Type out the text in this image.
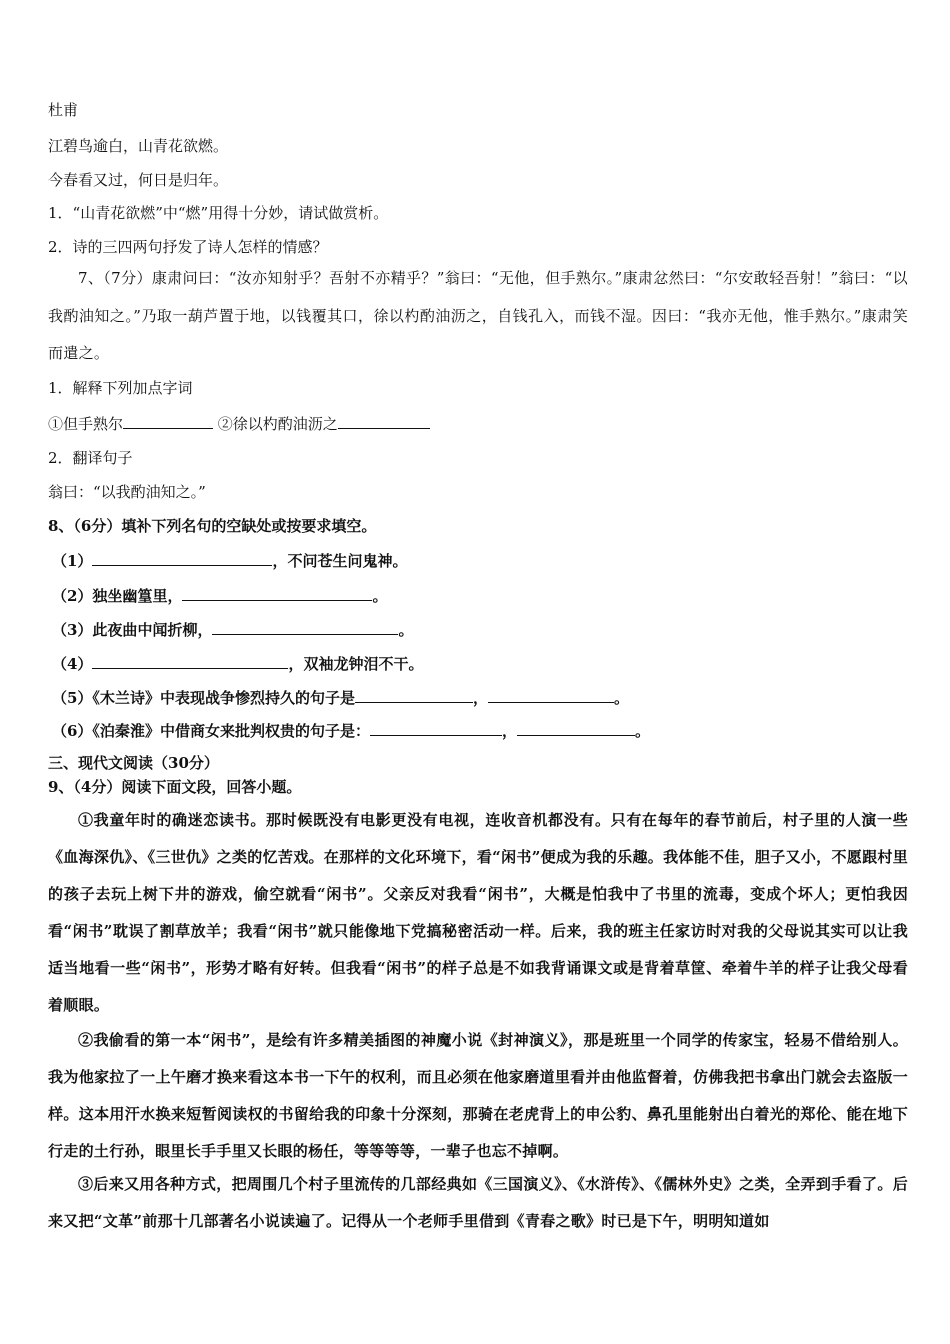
杜甫
江碧鸟逾白，山青花欲燃。
今春看又过，何日是归年。
1．“山青花欲燃”中“燃”用得十分妙，请试做赏析。
2．诗的三四两句抒发了诗人怎样的情感？
7、（7分）康肃问曰：“汝亦知射乎？吾射不亦精乎？”翁曰：“无他，但手熟尔。”康肃忿然曰：“尔安敢轻吾射！”翁曰：“以我酌油知之。”乃取一葫芦置于地，以钱覆其口，徐以杓酌油沥之，自钱孔入，而钱不湿。因曰：“我亦无他，惟手熟尔。”康肃笑而遣之。
1．解释下列加点字词
①但手熟尔	②徐以杓酌油沥之
2．翻译句子
翁曰：“以我酌油知之。”
8、（6分）填补下列名句的空缺处或按要求填空。
（1）	，不问苍生问鬼神。
（2）独坐幽篁里，	。
（3）此夜曲中闻折柳，	。
（4）	，双袖龙钟泪不干。
（5）《木兰诗》中表现战争惨烈持久的句子是	，	。
（6）《泊秦淮》中借商女来批判权贵的句子是：	，	。
三、现代文阅读（30分）
9、（4分）阅读下面文段，回答小题。
①我童年时的确迷恋读书。那时候既没有电影更没有电视，连收音机都没有。只有在每年的春节前后，村子里的人演一些《血海深仇》、《三世仇》之类的忆苦戏。在那样的文化环境下，看“闲书”便成为我的乐趣。我体能不佳，胆子又小，不愿跟村里的孩子去玩上树下井的游戏，偷空就看“闲书”。父亲反对我看“闲书”，大概是怕我中了书里的流毒，变成个坏人；更怕我因看“闲书”耽误了割草放羊；我看“闲书”就只能像地下党搞秘密活动一样。后来，我的班主任家访时对我的父母说其实可以让我适当地看一些“闲书”，形势才略有好转。但我看“闲书”的样子总是不如我背诵课文或是背着草筐、牵着牛羊的样子让我父母看着顺眼。
②我偷看的第一本“闲书”，是绘有许多精美插图的神魔小说《封神演义》，那是班里一个同学的传家宝，轻易不借给别人。我为他家拉了一上午磨才换来看这本书一下午的权利，而且必须在他家磨道里看并由他监督着，仿佛我把书拿出门就会去盗版一样。这本用汗水换来短暂阅读权的书留给我的印象十分深刻，那骑在老虎背上的申公豹、鼻孔里能射出白着光的郑伦、能在地下行走的土行孙，眼里长手手里又长眼的杨任，等等等等，一辈子也忘不掉啊。
③后来又用各种方式，把周围几个村子里流传的几部经典如《三国演义》、《水浒传》、《儒林外史》之类，全弄到手看了。后来又把“文革”前那十几部著名小说读遍了。记得从一个老师手里借到《青春之歌》时已是下午，明明知道如
